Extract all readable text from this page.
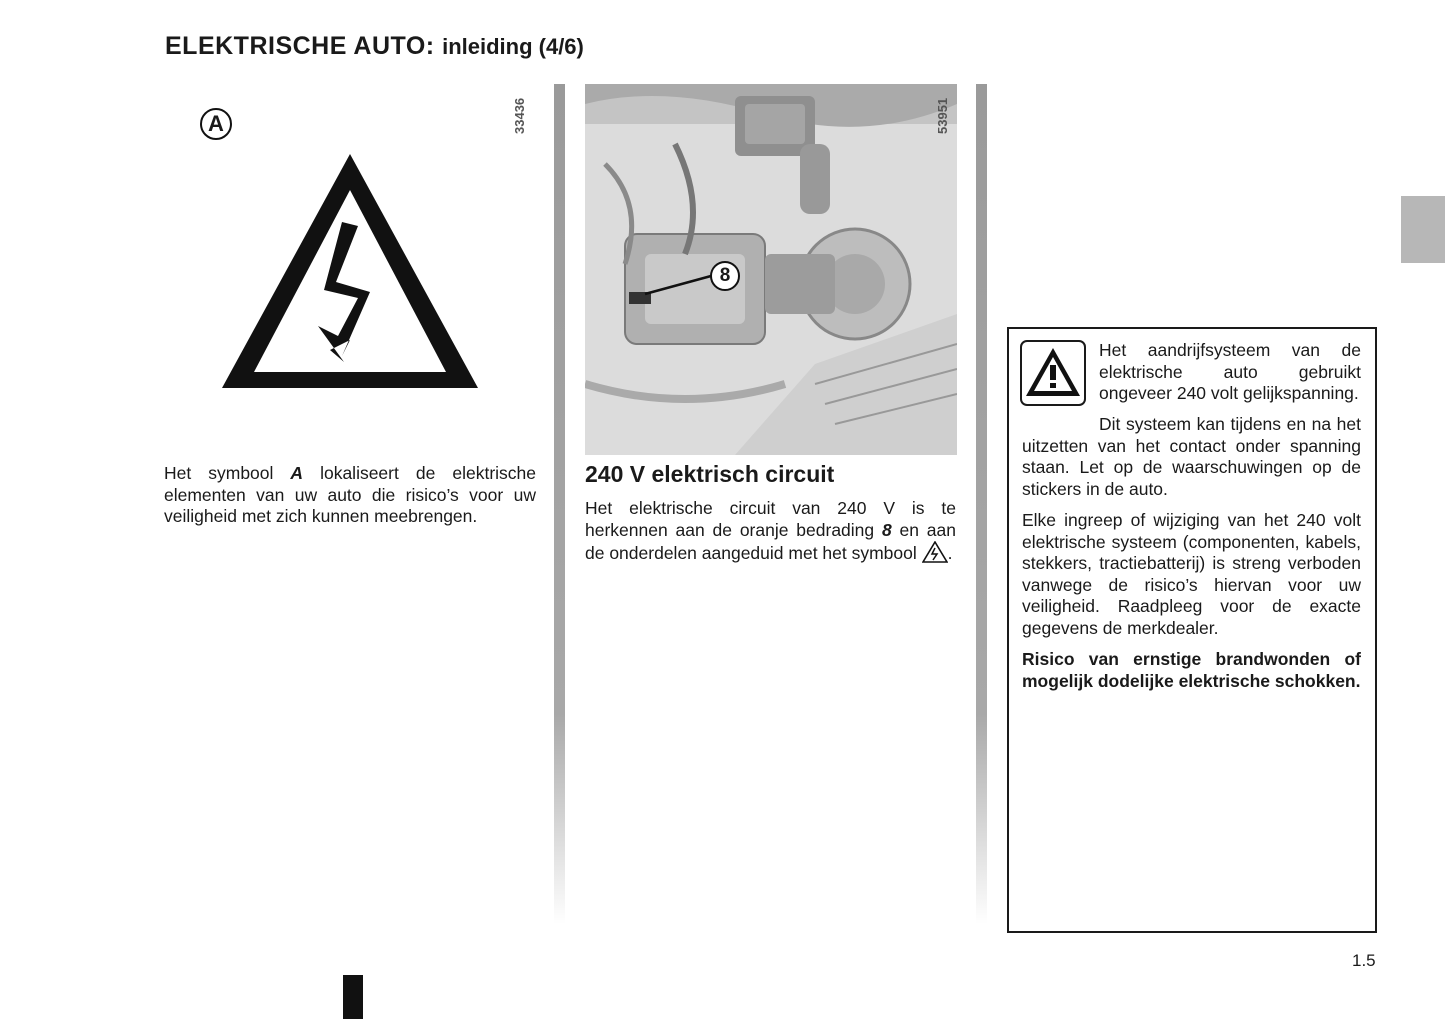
ELEKTRISCHE AUTO: inleiding (4/6)
33436
A

Het symbool A lokaliseert de elektrische elementen van uw auto die risico’s voor uw veiligheid met zich kunnen meebrengen.

8
53951
240 V elektrisch circuit

Het elektrische circuit van 240 V is te herkennen aan de oranje bedrading 8 en aan de onderdelen aangeduid met het symbool .

Het aandrijfsysteem van de elektrische auto gebruikt ongeveer 240 volt gelijkspanning.

Dit systeem kan tijdens en na het uitzetten van het contact onder spanning staan. Let op de waarschuwingen op de stickers in de auto.

Elke ingreep of wijziging van het 240 volt elektrische systeem (componenten, kabels, stekkers, tractiebatterij) is streng verboden vanwege de risico’s hiervan voor uw veiligheid. Raadpleeg voor de exacte gegevens de merkdealer.

Risico van ernstige brandwonden of mogelijk dodelijke elektrische schokken.

1.5
